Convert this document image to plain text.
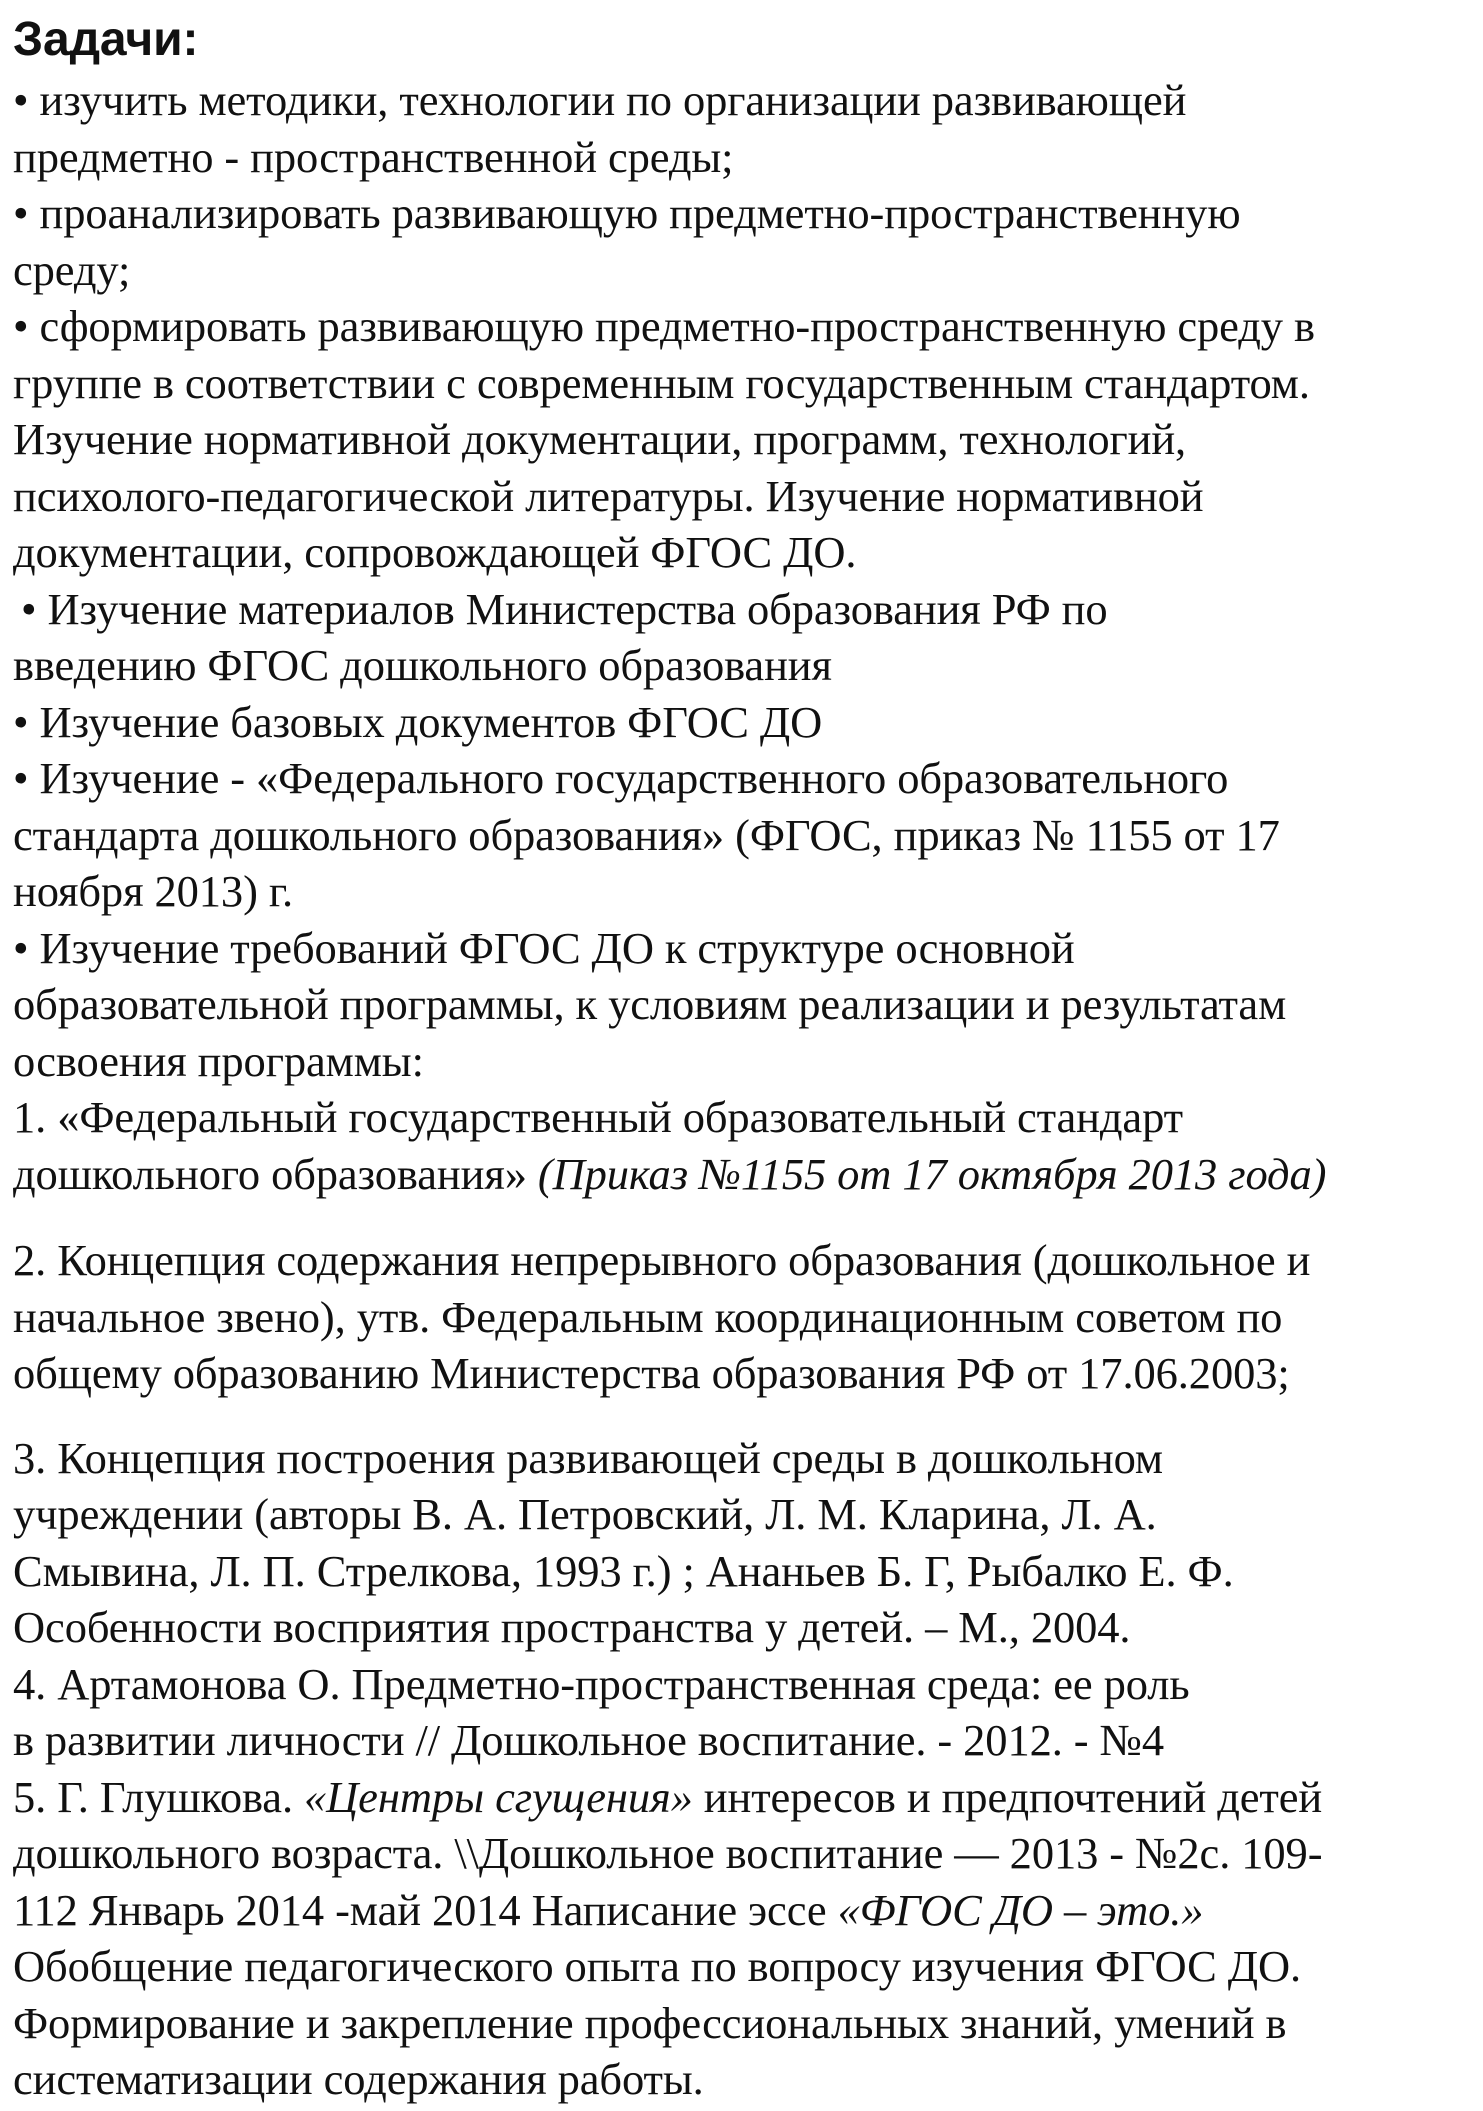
Задачи:
• изучить методики, технологии по организации развивающей
предметно - пространственной среды;
• проанализировать развивающую предметно-пространственную
среду;
• сформировать развивающую предметно-пространственную среду в
группе в соответствии с современным государственным стандартом.
Изучение нормативной документации, программ, технологий,
психолого-педагогической литературы. Изучение нормативной
документации, сопровождающей ФГОС ДО.
• Изучение материалов Министерства образования РФ по
введению ФГОС дошкольного образования
• Изучение базовых документов ФГОС ДО
• Изучение - «Федерального государственного образовательного
стандарта дошкольного образования» (ФГОС, приказ № 1155 от 17
ноября 2013) г.
• Изучение требований ФГОС ДО к структуре основной
образовательной программы, к условиям реализации и результатам
освоения программы:
1. «Федеральный государственный образовательный стандарт
дошкольного образования» (Приказ №1155 от 17 октября 2013 года)
2. Концепция содержания непрерывного образования (дошкольное и
начальное звено), утв. Федеральным координационным советом по
общему образованию Министерства образования РФ от 17.06.2003;
3. Концепция построения развивающей среды в дошкольном
учреждении (авторы В. А. Петровский, Л. М. Кларина, Л. А.
Смывина, Л. П. Стрелкова, 1993 г.) ; Ананьев Б. Г, Рыбалко Е. Ф.
Особенности восприятия пространства у детей. – М., 2004.
4. Артамонова О. Предметно-пространственная среда: ее роль
в развитии личности // Дошкольное воспитание. - 2012. - №4
5. Г. Глушкова. «Центры сгущения» интересов и предпочтений детей
дошкольного возраста. \\Дошкольное воспитание — 2013 - №2с. 109-
112 Январь 2014 -май 2014 Написание эссе «ФГОС ДО – это.»
Обобщение педагогического опыта по вопросу изучения ФГОС ДО.
Формирование и закрепление профессиональных знаний, умений в
систематизации содержания работы.
